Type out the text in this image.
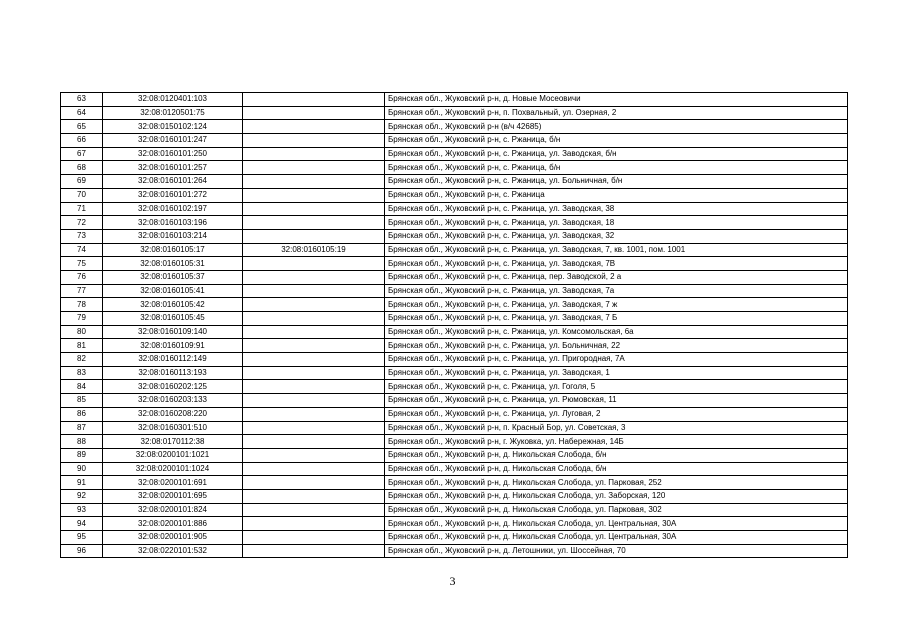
63	32:08:0120401:103		Брянская обл., Жуковский р-н, д. Новые Мосеовичи
64	32:08:0120501:75		Брянская обл., Жуковский р-н, п. Похвальный, ул. Озерная, 2
65	32:08:0150102:124		Брянская обл., Жуковский р-н (в/ч 42685)
66	32:08:0160101:247		Брянская обл., Жуковский р-н, с. Ржаница, б/н
67	32:08:0160101:250		Брянская обл., Жуковский р-н, с. Ржаница, ул. Заводская, б/н
68	32:08:0160101:257		Брянская обл., Жуковский р-н, с. Ржаница, б/н
69	32:08:0160101:264		Брянская обл., Жуковский р-н, с. Ржаница, ул. Больничная, б/н
70	32:08:0160101:272		Брянская обл., Жуковский р-н, с. Ржаница
71	32:08:0160102:197		Брянская обл., Жуковский р-н, с. Ржаница, ул. Заводская, 38
72	32:08:0160103:196		Брянская обл., Жуковский р-н, с. Ржаница, ул. Заводская, 18
73	32:08:0160103:214		Брянская обл., Жуковский р-н, с. Ржаница, ул. Заводская, 32
74	32:08:0160105:17	32:08:0160105:19	Брянская обл., Жуковский р-н, с. Ржаница, ул. Заводская, 7, кв. 1001, пом. 1001
75	32:08:0160105:31		Брянская обл., Жуковский р-н, с. Ржаница, ул. Заводская, 7В
76	32:08:0160105:37		Брянская обл., Жуковский р-н, с. Ржаница, пер. Заводской, 2 а
77	32:08:0160105:41		Брянская обл., Жуковский р-н, с. Ржаница, ул. Заводская, 7а
78	32:08:0160105:42		Брянская обл., Жуковский р-н, с. Ржаница, ул. Заводская, 7 ж
79	32:08:0160105:45		Брянская обл., Жуковский р-н, с. Ржаница, ул. Заводская, 7 Б
80	32:08:0160109:140		Брянская обл., Жуковский р-н, с. Ржаница, ул. Комсомольская, 6а
81	32:08:0160109:91		Брянская обл., Жуковский р-н, с. Ржаница, ул. Больничная, 22
82	32:08:0160112:149		Брянская обл., Жуковский р-н, с. Ржаница, ул. Пригородная, 7А
83	32:08:0160113:193		Брянская обл., Жуковский р-н, с. Ржаница, ул. Заводская, 1
84	32:08:0160202:125		Брянская обл., Жуковский р-н, с. Ржаница, ул. Гоголя, 5
85	32:08:0160203:133		Брянская обл., Жуковский р-н, с. Ржаница, ул. Рюмовская, 11
86	32:08:0160208:220		Брянская обл., Жуковский р-н, с. Ржаница, ул. Луговая, 2
87	32:08:0160301:510		Брянская обл., Жуковский р-н, п. Красный Бор, ул. Советская, 3
88	32:08:0170112:38		Брянская обл., Жуковский р-н, г. Жуковка, ул. Набережная, 14Б
89	32:08:0200101:1021		Брянская обл., Жуковский р-н, д. Никольская Слобода, б/н
90	32:08:0200101:1024		Брянская обл., Жуковский р-н, д. Никольская Слобода, б/н
91	32:08:0200101:691		Брянская обл., Жуковский р-н, д. Никольская Слобода, ул. Парковая, 252
92	32:08:0200101:695		Брянская обл., Жуковский р-н, д. Никольская Слобода, ул. Заборская, 120
93	32:08:0200101:824		Брянская обл., Жуковский р-н, д. Никольская Слобода, ул. Парковая, 302
94	32:08:0200101:886		Брянская обл., Жуковский р-н, д. Никольская Слобода, ул. Центральная, 30А
95	32:08:0200101:905		Брянская обл., Жуковский р-н, д. Никольская Слобода, ул. Центральная, 30А
96	32:08:0220101:532		Брянская обл., Жуковский р-н, д. Летошники, ул. Шоссейная, 70
3
